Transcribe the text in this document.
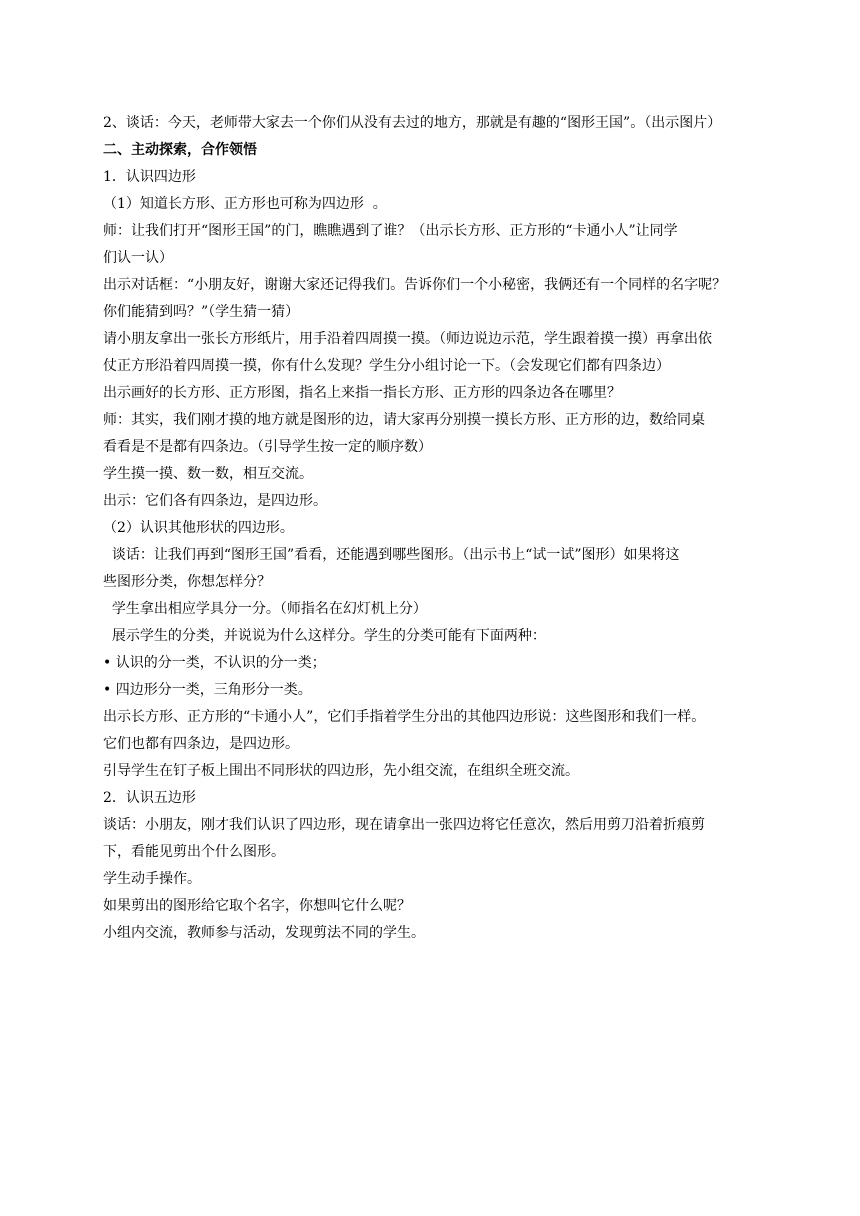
2、谈话：今天，老师带大家去一个你们从没有去过的地方，那就是有趣的“图形王国”。（出示图片）

二、主动探索，合作领悟

1．认识四边形

（1）知道长方形、正方形也可称为四边形  。

师：让我们打开“图形王国”的门，瞧瞧遇到了谁？（出示长方形、正方形的“卡通小人”让同学

们认一认）

出示对话框：“小朋友好，谢谢大家还记得我们。告诉你们一个小秘密，我俩还有一个同样的名字呢？

你们能猜到吗？”（学生猜一猜）

请小朋友拿出一张长方形纸片，用手沿着四周摸一摸。（师边说边示范，学生跟着摸一摸）再拿出依

仗正方形沿着四周摸一摸，你有什么发现？学生分小组讨论一下。（会发现它们都有四条边）

出示画好的长方形、正方形图，指名上来指一指长方形、正方形的四条边各在哪里？

师：其实，我们刚才摸的地方就是图形的边，请大家再分别摸一摸长方形、正方形的边，数给同桌

看看是不是都有四条边。（引导学生按一定的顺序数）

学生摸一摸、数一数，相互交流。

出示：它们各有四条边，是四边形。

（2）认识其他形状的四边形。

谈话：让我们再到“图形王国”看看，还能遇到哪些图形。（出示书上“试一试”图形）如果将这

些图形分类，你想怎样分？

学生拿出相应学具分一分。（师指名在幻灯机上分）

展示学生的分类，并说说为什么这样分。学生的分类可能有下面两种：

• 认识的分一类，不认识的分一类；

• 四边形分一类，三角形分一类。

出示长方形、正方形的“卡通小人”，它们手指着学生分出的其他四边形说：这些图形和我们一样。

它们也都有四条边，是四边形。

引导学生在钉子板上围出不同形状的四边形，先小组交流，在组织全班交流。

2．认识五边形

谈话：小朋友，刚才我们认识了四边形，现在请拿出一张四边将它任意次，然后用剪刀沿着折痕剪

下，看能见剪出个什么图形。

学生动手操作。

如果剪出的图形给它取个名字，你想叫它什么呢？

小组内交流，教师参与活动，发现剪法不同的学生。
